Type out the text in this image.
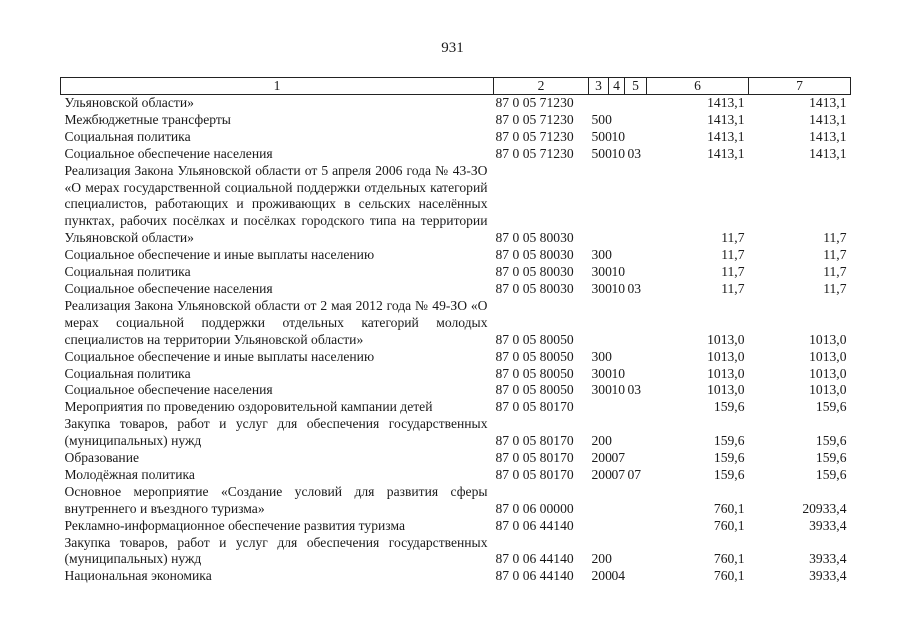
931
1	2	3	4	5	6	7
Ульяновской области»	87 0 05 71230				1413,1	1413,1
Межбюджетные трансферты	87 0 05 71230	500			1413,1	1413,1
Социальная политика	87 0 05 71230	500	10		1413,1	1413,1
Социальное обеспечение населения	87 0 05 71230	500	10	03	1413,1	1413,1
Реализация Закона Ульяновской области от 5 апреля 2006 года № 43-ЗО «О мерах государственной социальной поддержки отдельных категорий специалистов, работающих и проживающих в сельских населённых пунктах, рабочих посёлках и посёлках городского типа на территории Ульяновской области»	87 0 05 80030				11,7	11,7
Социальное обеспечение и иные выплаты населению	87 0 05 80030	300			11,7	11,7
Социальная политика	87 0 05 80030	300	10		11,7	11,7
Социальное обеспечение населения	87 0 05 80030	300	10	03	11,7	11,7
Реализация Закона Ульяновской области от 2 мая 2012 года № 49-ЗО «О мерах социальной поддержки отдельных категорий молодых специалистов на территории Ульяновской области»	87 0 05 80050				1013,0	1013,0
Социальное обеспечение и иные выплаты населению	87 0 05 80050	300			1013,0	1013,0
Социальная политика	87 0 05 80050	300	10		1013,0	1013,0
Социальное обеспечение населения	87 0 05 80050	300	10	03	1013,0	1013,0
Мероприятия по проведению оздоровительной кампании детей	87 0 05 80170				159,6	159,6
Закупка товаров, работ и услуг для обеспечения государственных (муниципальных) нужд	87 0 05 80170	200			159,6	159,6
Образование	87 0 05 80170	200	07		159,6	159,6
Молодёжная политика	87 0 05 80170	200	07	07	159,6	159,6
Основное мероприятие «Создание условий для развития сферы внутреннего и въездного туризма»	87 0 06 00000				760,1	20933,4
Рекламно-информационное обеспечение развития туризма	87 0 06 44140				760,1	3933,4
Закупка товаров, работ и услуг для обеспечения государственных (муниципальных) нужд	87 0 06 44140	200			760,1	3933,4
Национальная экономика	87 0 06 44140	200	04		760,1	3933,4
